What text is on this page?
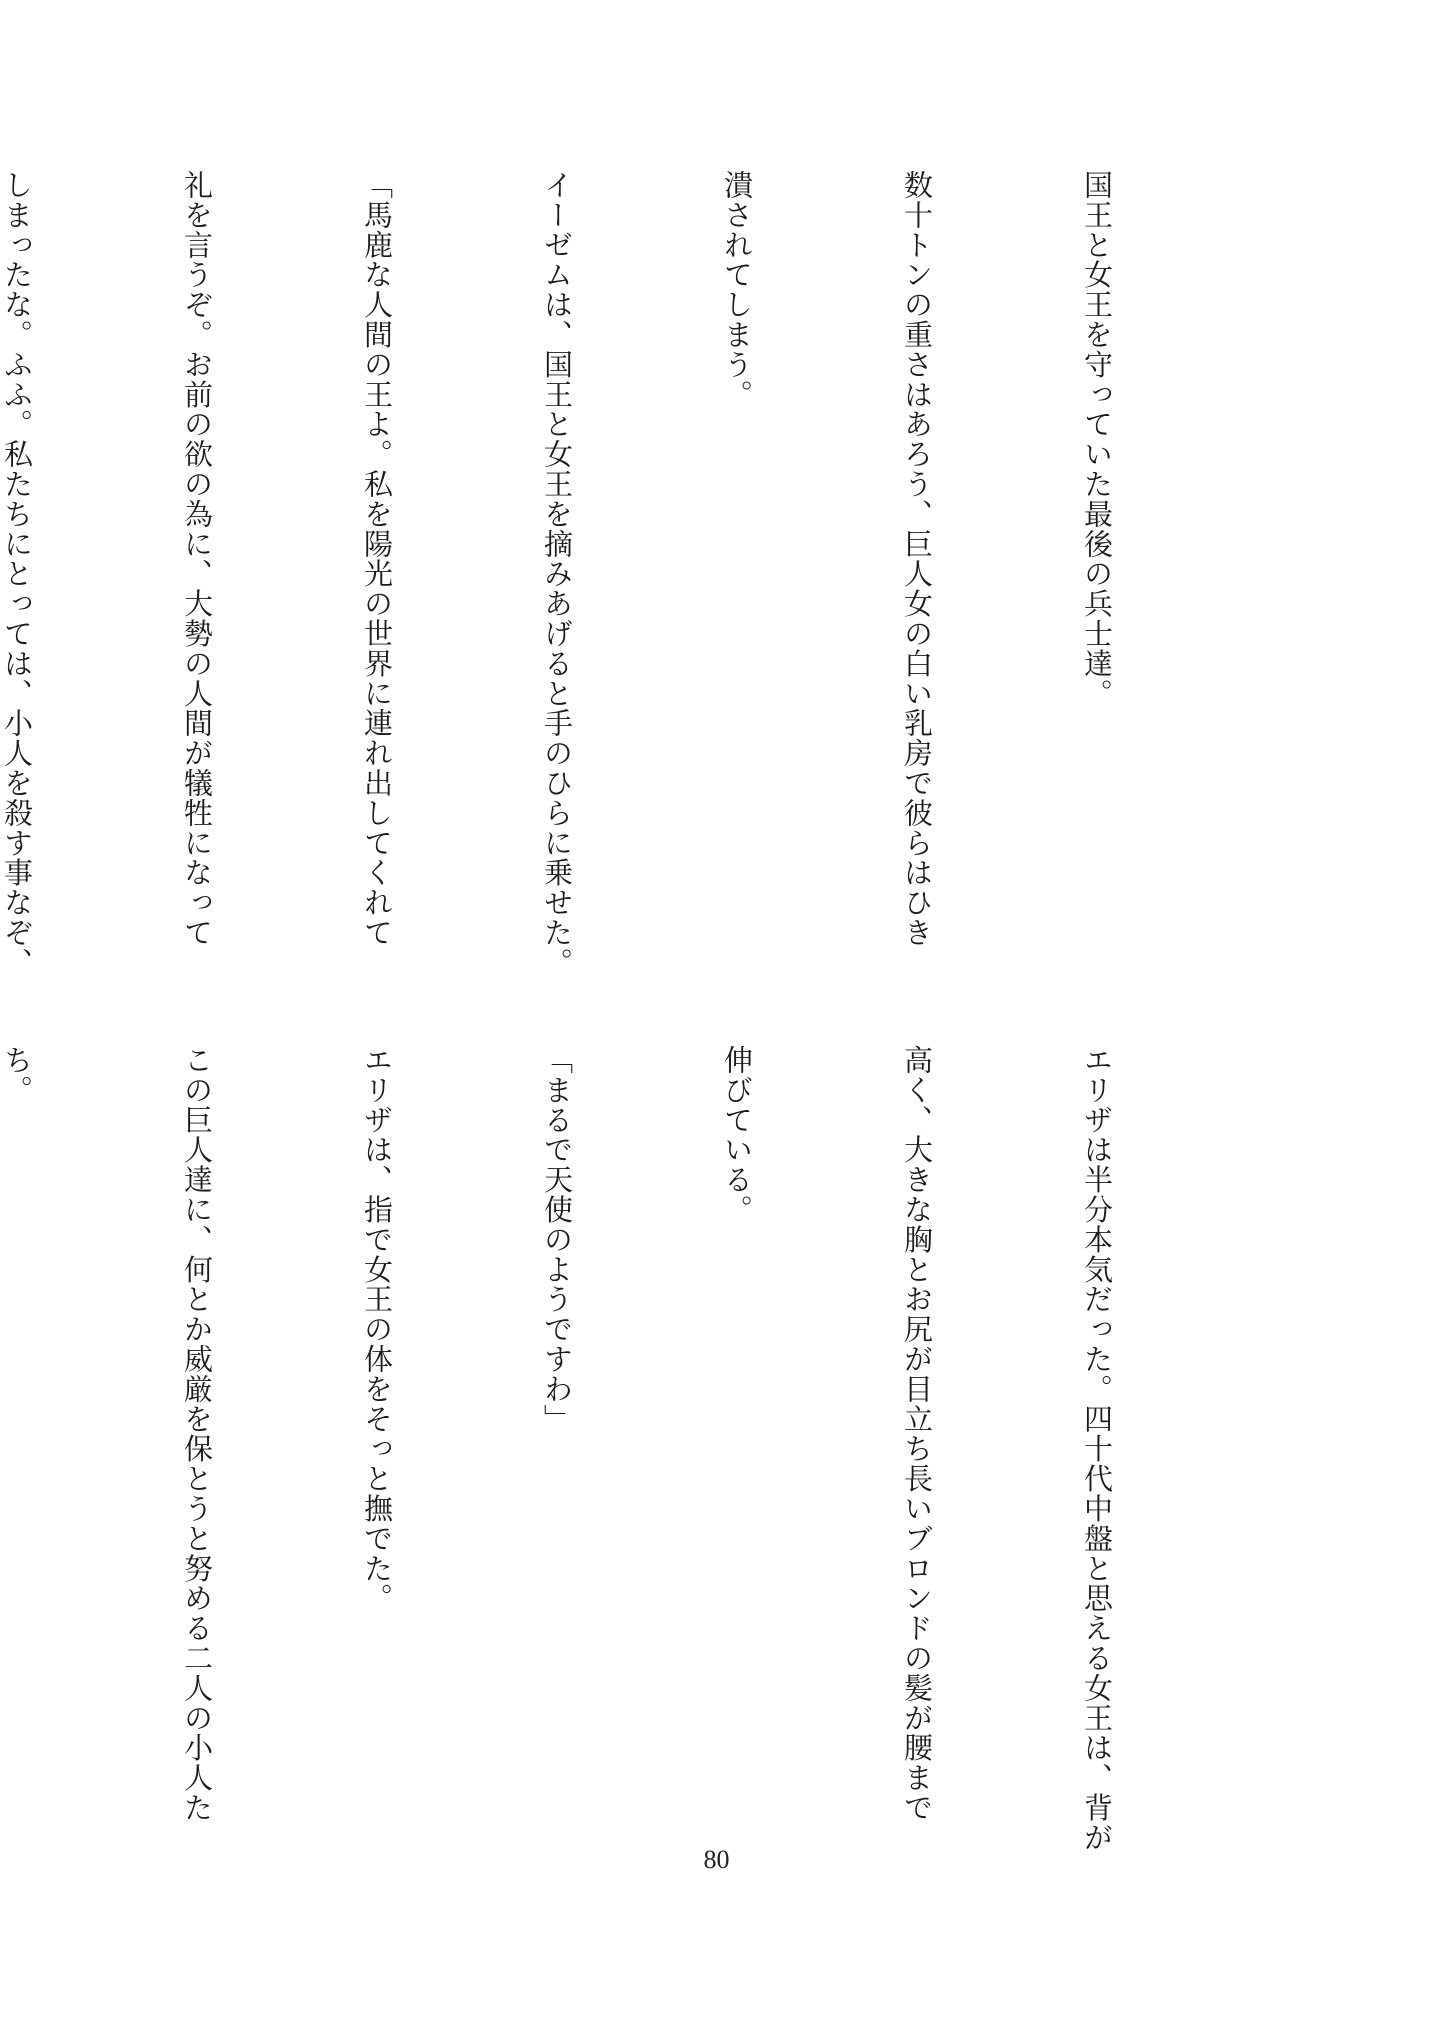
国王と女王を守っていた最後の兵士達。

数十トンの重さはあろう、巨人女の白い乳房で彼らはひき

潰されてしまう。

イーゼムは、国王と女王を摘みあげると手のひらに乗せた。

「馬鹿な人間の王よ。私を陽光の世界に連れ出してくれて

礼を言うぞ。お前の欲の為に、大勢の人間が犠牲になって

しまったな。ふふ。私たちにとっては、小人を殺す事なぞ、

エリザは半分本気だった。四十代中盤と思える女王は、背が

高く、大きな胸とお尻が目立ち長いブロンドの髪が腰まで

伸びている。

「まるで天使のようですわ」

エリザは、指で女王の体をそっと撫でた。

この巨人達に、何とか威厳を保とうと努める二人の小人た

ち。

80
